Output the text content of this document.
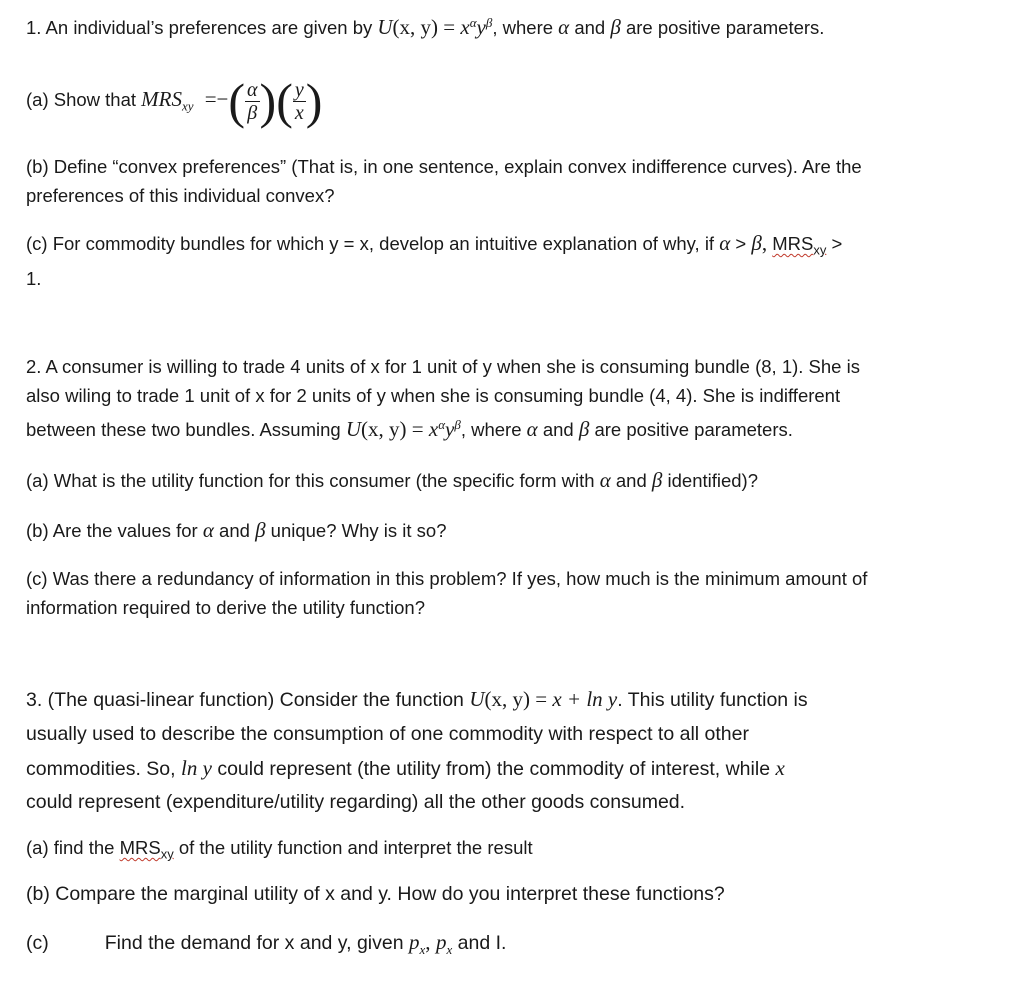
1. An individual’s preferences are given by U(x, $y) = x^\alpha y^\beta$, where α and β are positive parameters.
(a) Show that $MRS_{xy}$ =−( $\frac{\alpha}{\beta}$ )( $\frac{y}{x}$ )
(b) Define “convex preferences” (That is, in one sentence, explain convex indifference curves). Are the
preferences of this individual convex?
(c) For commodity bundles for which y = x, develop an intuitive explanation of why, if α > β, $MRS_{xy}$ >
1.
2. A consumer is willing to trade 4 units of x for 1 unit of y when she is consuming bundle (8, 1). She is
also wiling to trade 1 unit of x for 2 units of y when she is consuming bundle (4, 4). She is indifferent
between these two bundles. Assuming U(x, $y) = x^\alpha y^\beta$, where α and β are positive parameters.
(a) What is the utility function for this consumer (the specific form with α and β identified)?
(b) Are the values for α and β unique? Why is it so?
(c) Was there a redundancy of information in this problem? If yes, how much is the minimum amount of
information required to derive the utility function?
3. (The quasi-linear function) Consider the function U(x, y) = x + ln y. This utility function is
usually used to describe the consumption of one commodity with respect to all other
commodities. So, ln y could represent (the utility from) the commodity of interest, while x
could represent (expenditure/utility regarding) all the other goods consumed.
(a) find the $MRS_{xy}$ of the utility function and interpret the result
(b) Compare the marginal utility of x and y. How do you interpret these functions?
(c)	Find the demand for x and y, given $p_x$, $p_x$ and I.
